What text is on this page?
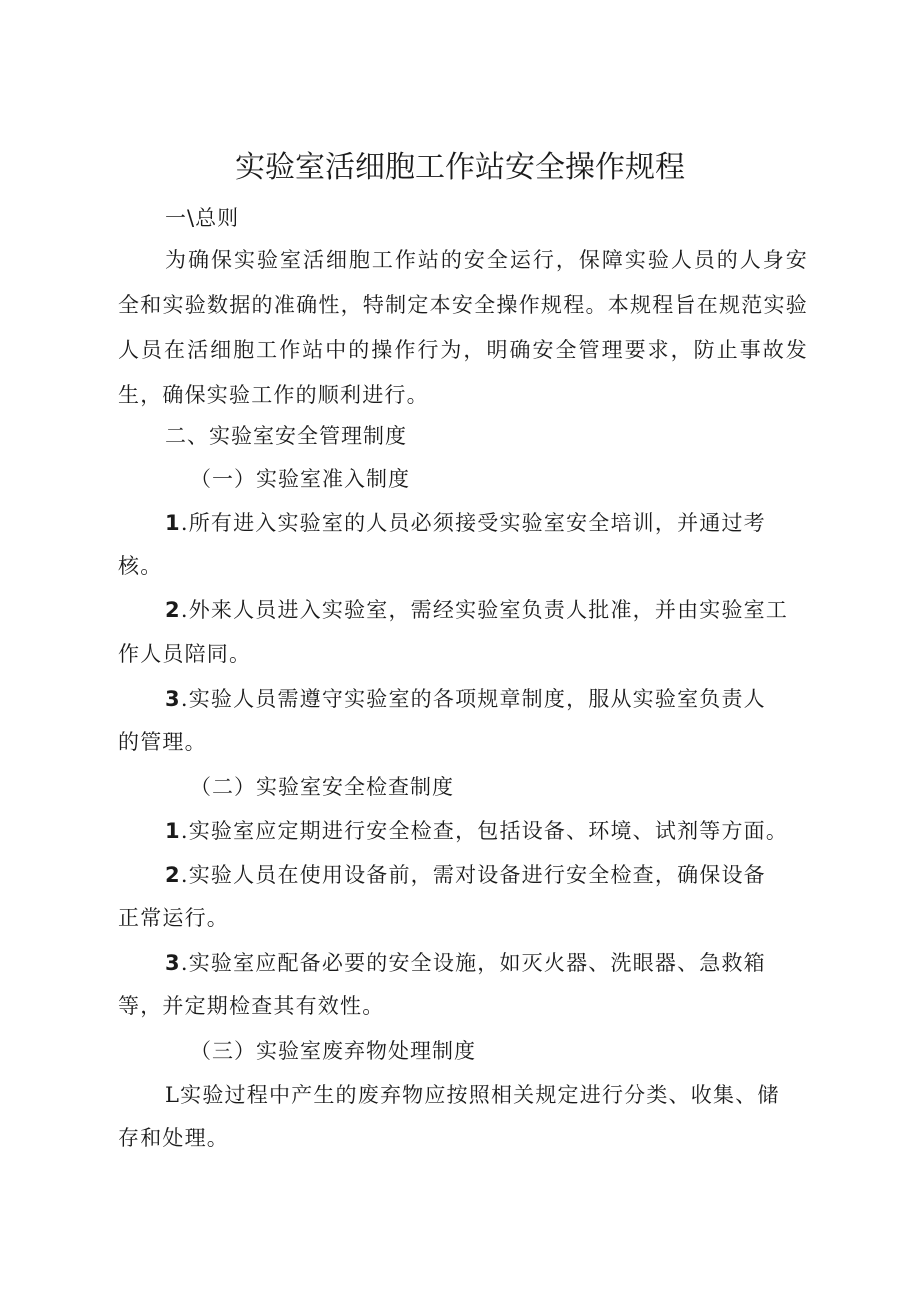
实验室活细胞工作站安全操作规程
一\总则
为确保实验室活细胞工作站的安全运行，保障实验人员的人身安全和实验数据的准确性，特制定本安全操作规程。本规程旨在规范实验人员在活细胞工作站中的操作行为，明确安全管理要求，防止事故发生，确保实验工作的顺利进行。
二、实验室安全管理制度
（一）实验室准入制度
1.所有进入实验室的人员必须接受实验室安全培训，并通过考
核。
2.外来人员进入实验室，需经实验室负责人批准，并由实验室工
作人员陪同。
3.实验人员需遵守实验室的各项规章制度，服从实验室负责人
的管理。
（二）实验室安全检查制度
1.实验室应定期进行安全检查，包括设备、环境、试剂等方面。
2.实验人员在使用设备前，需对设备进行安全检查，确保设备
正常运行。
3.实验室应配备必要的安全设施，如灭火器、洗眼器、急救箱
等，并定期检查其有效性。
（三）实验室废弃物处理制度
L实验过程中产生的废弃物应按照相关规定进行分类、收集、储
存和处理。
